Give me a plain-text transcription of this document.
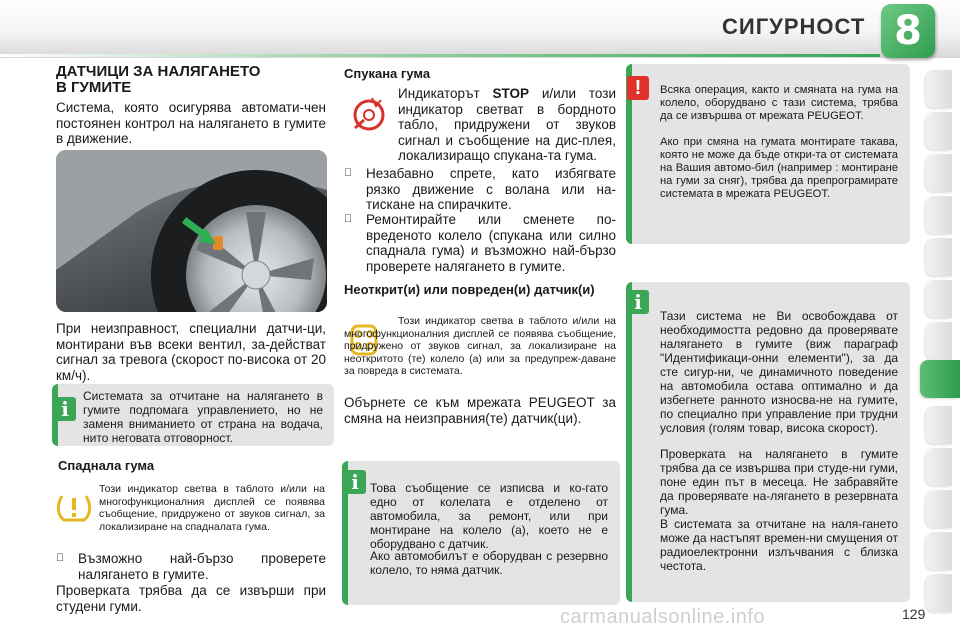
СИГУРНОСТ 8
ДАТЧИЦИ ЗА НАЛЯГАНЕТО
В ГУМИТЕ
Система, която осигурява автомати-чен постоянен контрол на налягането в гумите в движение.
При неизправност, специални датчи-ци, монтирани във всеки вентил, за-действат сигнал за тревога (скорост по-висока от 20 км/ч).
i
Системата за отчитане на налягането в гумите подпомага управлението, но не заменя вниманието от страна на водача, нито неговата отговорност.
Спаднала гума
Този индикатор светва в таблото и/или на многофункционалния дисплей се появява съобщение, придружено от звуков сигнал, за локализиране на спадналата гума.
Възможно най-бързо проверете налягането в гумите.
Проверката трябва да се извърши при студени гуми.
Спукана гума
Индикаторът STOP и/или този индикатор светват в бордното табло, придружени от звуков сигнал и съобщение на дис-плея, локализиращо спукана-та гума.
Незабавно спрете, като избягвате рязко движение с волана или на-тискане на спирачките.
Ремонтирайте или сменете по-вреденото колело (спукана или силно спаднала гума) и възможно най-бързо проверете налягането в гумите.
Неоткрит(и) или повреден(и) датчик(и)
Този индикатор светва в таблото и/или на многофункционалния дисплей се появява съобщение, придружено от звуков сигнал, за локализиране на неоткритото (те) колело (а) или за предупреж-даване за повреда в системата.
Обърнете се към мрежата PEUGEOT за смяна на неизправния(те) датчик(ци).
i Това съобщение се изписва и ко-гато едно от колелата е отделено от автомобила, за ремонт, или при монтиране на колело (а), което не е оборудвано с датчик.
Ако автомобилът е оборудван с резервно колело, то няма датчик.
!	Всяка операция, както и смяната на гума на колело, оборудвано с тази система, трябва да се извършва от мрежата PEUGEOT.
Ако при смяна на гумата монтирате такава, която не може да бъде откри-та от системата на Вашия автомо-бил (например : монтиране на гуми за сняг), трябва да препрограмирате системата в мрежата PEUGEOT.
i
Тази система не Ви освобождава от необходимостта редовно да проверявате налягането в гумите (виж параграф "Идентификаци-онни елементи"), за да сте сигур-ни, че динамичното поведение на автомобила остава оптимално и да избегнете ранното износва-не на гумите, по специално при управление при трудни условия (голям товар, висока скорост).
Проверката на налягането в гумите трябва да се извършва при студе-ни гуми, поне един път в месеца. Не забравяйте да проверявате на-лягането в резервната гума.
В системата за отчитане на наля-гането може да настъпят времен-ни смущения от радиоелектронни излъчвания с близка честота.
carmanualsonline.info	129
